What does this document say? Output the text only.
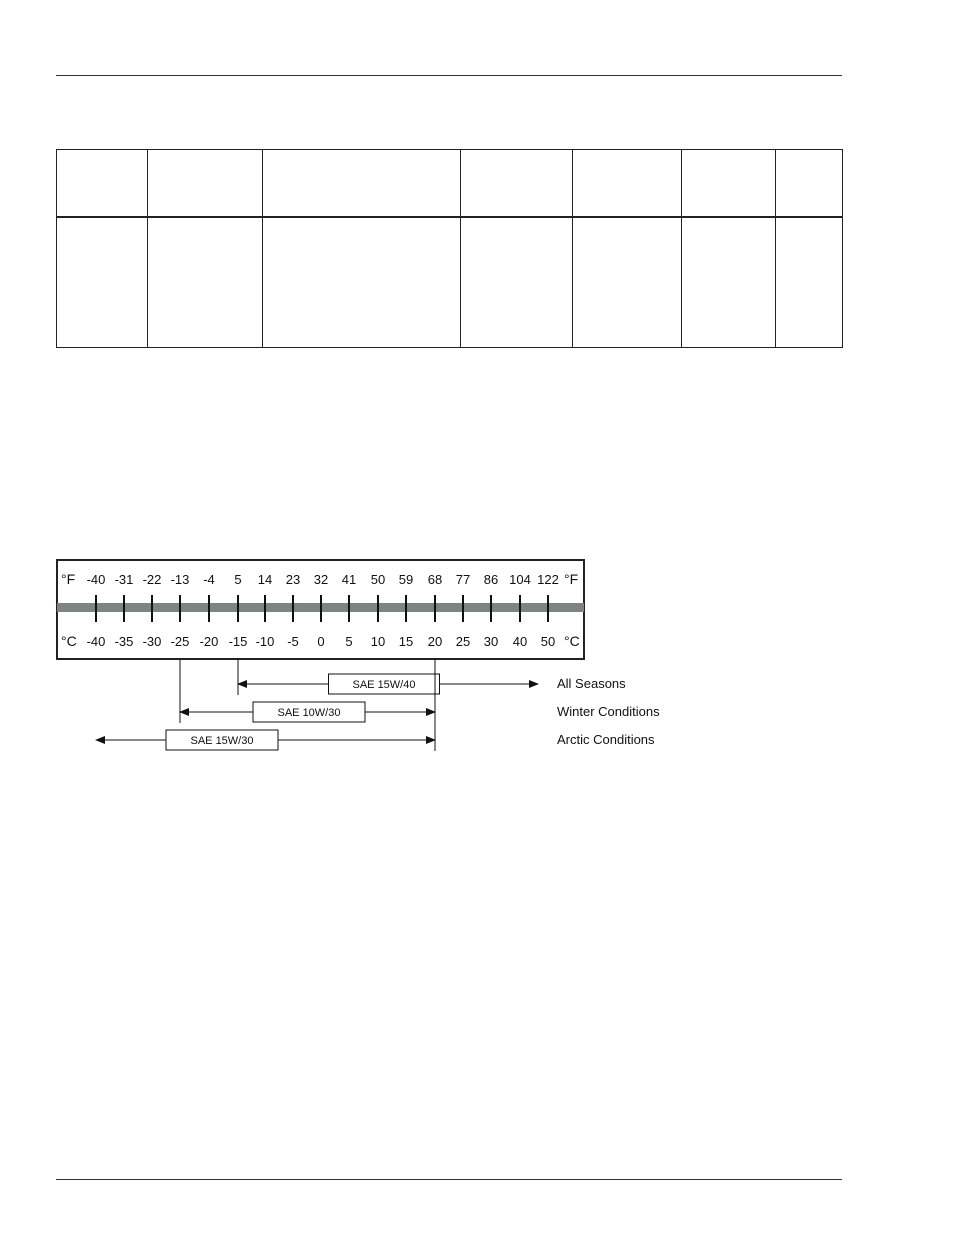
°F	°F
°C	°C
-40
-40
-31
-35
-22
-30
-13
-25
-4
-20
5
-15
14
-10
23
-5
32
0
41
5
50
10
59
15
68
20
77
25
86
30
104
40
122
50
SAE 15W/40	All Seasons
SAE 10W/30	Winter Conditions
SAE 15W/30	Arctic Conditions
